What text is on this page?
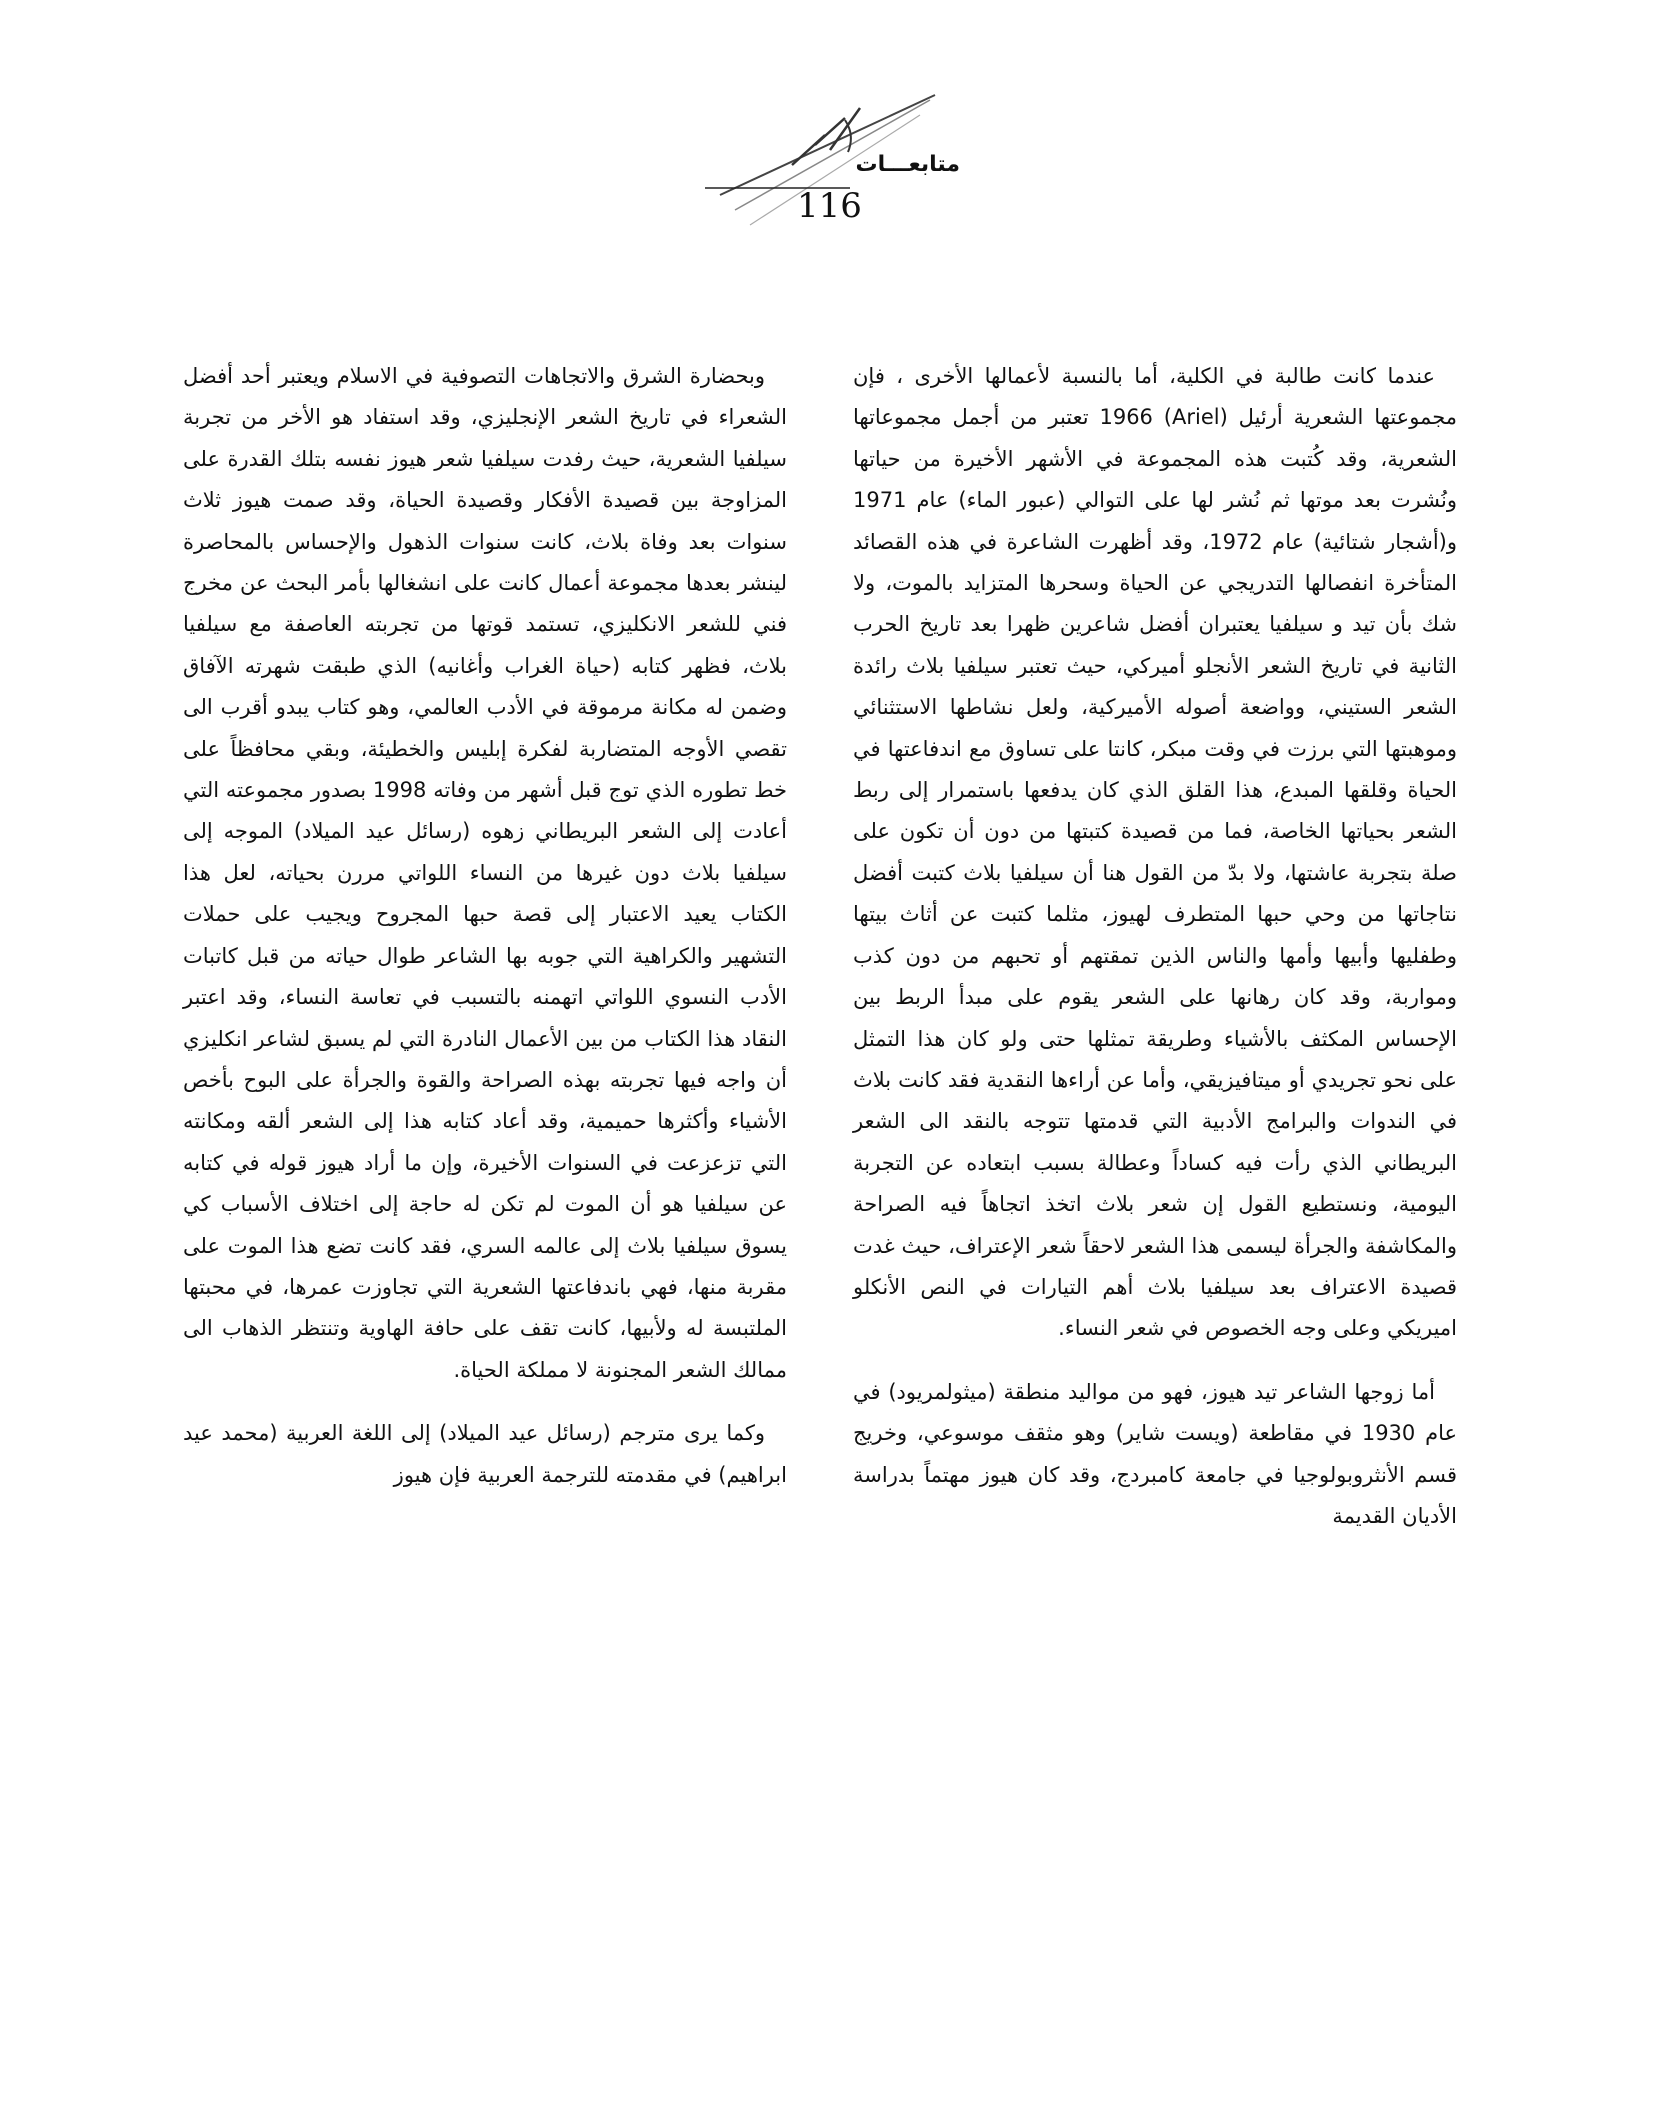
متابعـــات
116

عندما كانت طالبة في الكلية، أما بالنسبة لأعمالها الأخرى ، فإن مجموعتها الشعرية أرئيل (Ariel) 1966 تعتبر من أجمل مجموعاتها الشعرية، وقد كُتبت هذه المجموعة في الأشهر الأخيرة من حياتها ونُشرت بعد موتها ثم نُشر لها على التوالي (عبور الماء) عام 1971 و(أشجار شتائية) عام 1972، وقد أظهرت الشاعرة في هذه القصائد المتأخرة انفصالها التدريجي عن الحياة وسحرها المتزايد بالموت، ولا شك بأن تيد و سيلفيا يعتبران أفضل شاعرين ظهرا بعد تاريخ الحرب الثانية في تاريخ الشعر الأنجلو أميركي، حيث تعتبر سيلفيا بلاث رائدة الشعر الستيني، وواضعة أصوله الأميركية، ولعل نشاطها الاستثنائي وموهبتها التي برزت في وقت مبكر، كانتا على تساوق مع اندفاعتها في الحياة وقلقها المبدع، هذا القلق الذي كان يدفعها باستمرار إلى ربط الشعر بحياتها الخاصة، فما من قصيدة كتبتها من دون أن تكون على صلة بتجربة عاشتها، ولا بدّ من القول هنا أن سيلفيا بلاث كتبت أفضل نتاجاتها من وحي حبها المتطرف لهيوز، مثلما كتبت عن أثاث بيتها وطفليها وأبيها وأمها والناس الذين تمقتهم أو تحبهم من دون كذب ومواربة، وقد كان رهانها على الشعر يقوم على مبدأ الربط بين الإحساس المكثف بالأشياء وطريقة تمثلها حتى ولو كان هذا التمثل على نحو تجريدي أو ميتافيزيقي، وأما عن أراءها النقدية فقد كانت بلاث في الندوات والبرامج الأدبية التي قدمتها تتوجه بالنقد الى الشعر البريطاني الذي رأت فيه كساداً وعطالة بسبب ابتعاده عن التجربة اليومية، ونستطيع القول إن شعر بلاث اتخذ اتجاهاً فيه الصراحة والمكاشفة والجرأة ليسمى هذا الشعر لاحقاً شعر الإعتراف، حيث غدت قصيدة الاعتراف بعد سيلفيا بلاث أهم التيارات في النص الأنكلو اميريكي وعلى وجه الخصوص في شعر النساء.

أما زوجها الشاعر تيد هيوز، فهو من مواليد منطقة (ميثولمريود) في عام 1930 في مقاطعة (ويست شاير) وهو مثقف موسوعي، وخريج قسم الأنثروبولوجيا في جامعة كامبردج، وقد كان هيوز مهتماً بدراسة الأديان القديمة

وبحضارة الشرق والاتجاهات التصوفية في الاسلام ويعتبر أحد أفضل الشعراء في تاريخ الشعر الإنجليزي، وقد استفاد هو الأخر من تجربة سيلفيا الشعرية، حيث رفدت سيلفيا شعر هيوز نفسه بتلك القدرة على المزاوجة بين قصيدة الأفكار وقصيدة الحياة، وقد صمت هيوز ثلاث سنوات بعد وفاة بلاث، كانت سنوات الذهول والإحساس بالمحاصرة لينشر بعدها مجموعة أعمال كانت على انشغالها بأمر البحث عن مخرج فني للشعر الانكليزي، تستمد قوتها من تجربته العاصفة مع سيلفيا بلاث، فظهر كتابه (حياة الغراب وأغانيه) الذي طبقت شهرته الآفاق وضمن له مكانة مرموقة في الأدب العالمي، وهو كتاب يبدو أقرب الى تقصي الأوجه المتضاربة لفكرة إبليس والخطيئة، وبقي محافظاً على خط تطوره الذي توج قبل أشهر من وفاته 1998 بصدور مجموعته التي أعادت إلى الشعر البريطاني زهوه (رسائل عيد الميلاد) الموجه إلى سيلفيا بلاث دون غيرها من النساء اللواتي مررن بحياته، لعل هذا الكتاب يعيد الاعتبار إلى قصة حبها المجروح ويجيب على حملات التشهير والكراهية التي جوبه بها الشاعر طوال حياته من قبل كاتبات الأدب النسوي اللواتي اتهمنه بالتسبب في تعاسة النساء، وقد اعتبر النقاد هذا الكتاب من بين الأعمال النادرة التي لم يسبق لشاعر انكليزي أن واجه فيها تجربته بهذه الصراحة والقوة والجرأة على البوح بأخص الأشياء وأكثرها حميمية، وقد أعاد كتابه هذا إلى الشعر ألقه ومكانته التي تزعزعت في السنوات الأخيرة، وإن ما أراد هيوز قوله في كتابه عن سيلفيا هو أن الموت لم تكن له حاجة إلى اختلاف الأسباب كي يسوق سيلفيا بلاث إلى عالمه السري، فقد كانت تضع هذا الموت على مقربة منها، فهي باندفاعتها الشعرية التي تجاوزت عمرها، في محبتها الملتبسة له ولأبيها، كانت تقف على حافة الهاوية وتنتظر الذهاب الى ممالك الشعر المجنونة لا مملكة الحياة.

وكما يرى مترجم (رسائل عيد الميلاد) إلى اللغة العربية (محمد عيد ابراهيم) في مقدمته للترجمة العربية فإن هيوز
